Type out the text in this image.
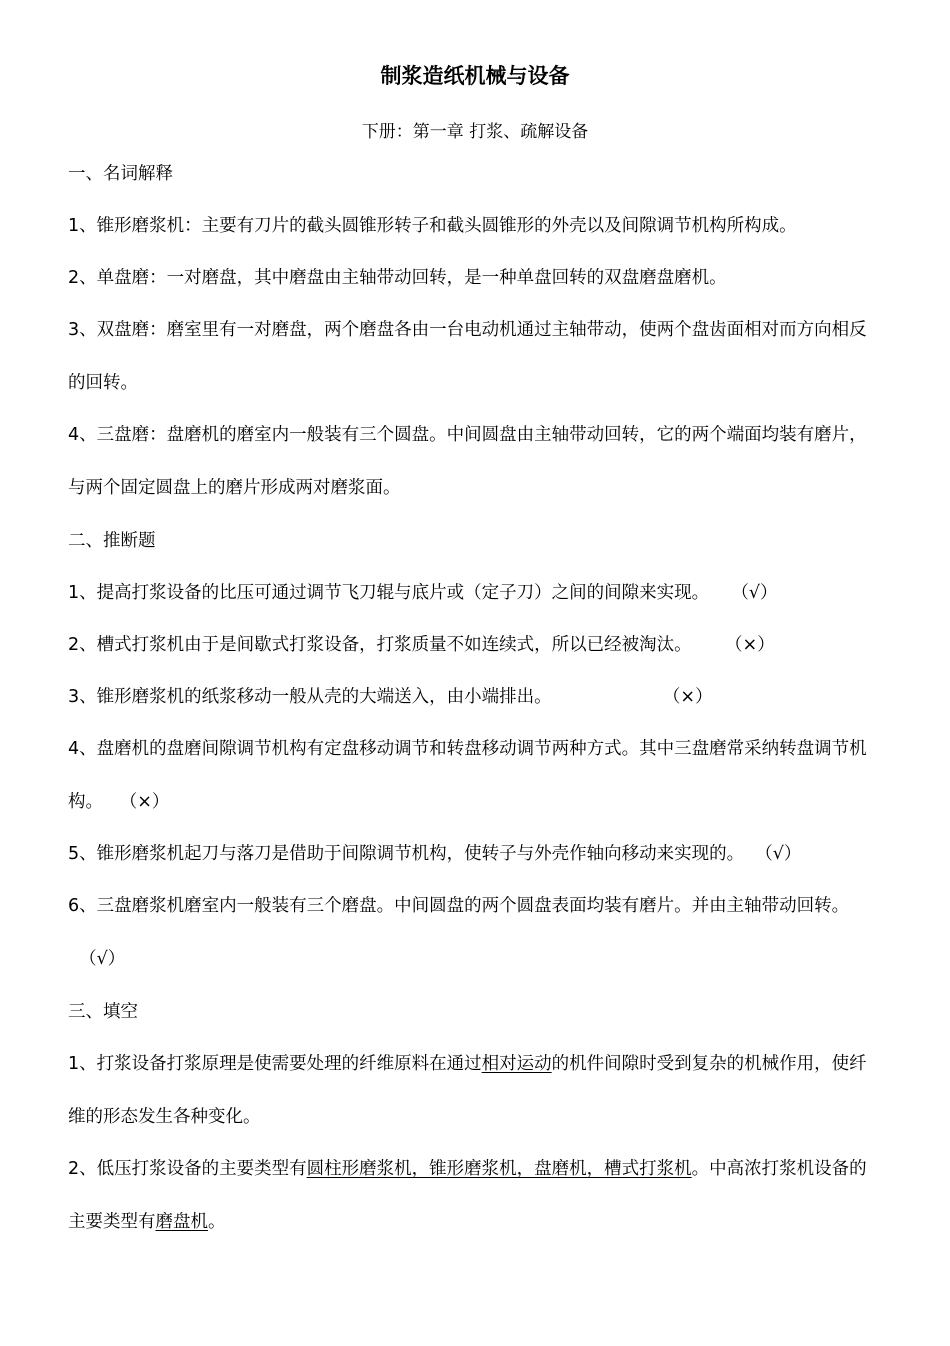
制浆造纸机械与设备
下册：第一章 打浆、疏解设备
一、名词解释
1、锥形磨浆机：主要有刀片的截头圆锥形转子和截头圆锥形的外壳以及间隙调节机构所构成。
2、单盘磨：一对磨盘，其中磨盘由主轴带动回转，是一种单盘回转的双盘磨盘磨机。
3、双盘磨：磨室里有一对磨盘，两个磨盘各由一台电动机通过主轴带动，使两个盘齿面相对而方向相反的回转。
4、三盘磨：盘磨机的磨室内一般装有三个圆盘。中间圆盘由主轴带动回转，它的两个端面均装有磨片，与两个固定圆盘上的磨片形成两对磨浆面。
二、推断题
1、提高打浆设备的比压可通过调节飞刀辊与底片或（定子刀）之间的间隙来实现。 （√）
2、槽式打浆机由于是间歇式打浆设备，打浆质量不如连续式，所以已经被淘汰。 （×）
3、锥形磨浆机的纸浆移动一般从壳的大端送入，由小端排出。	（×）
4、盘磨机的盘磨间隙调节机构有定盘移动调节和转盘移动调节两种方式。其中三盘磨常采纳转盘调节机构。 （×）
5、锥形磨浆机起刀与落刀是借助于间隙调节机构，使转子与外壳作轴向移动来实现的。 （√）
6、三盘磨浆机磨室内一般装有三个磨盘。中间圆盘的两个圆盘表面均装有磨片。并由主轴带动回转。  （√）
三、填空
1、打浆设备打浆原理是使需要处理的纤维原料在通过相对运动的机件间隙时受到复杂的机械作用，使纤维的形态发生各种变化。
2、低压打浆设备的主要类型有圆柱形磨浆机，锥形磨浆机，盘磨机，槽式打浆机。中高浓打浆机设备的主要类型有磨盘机。
